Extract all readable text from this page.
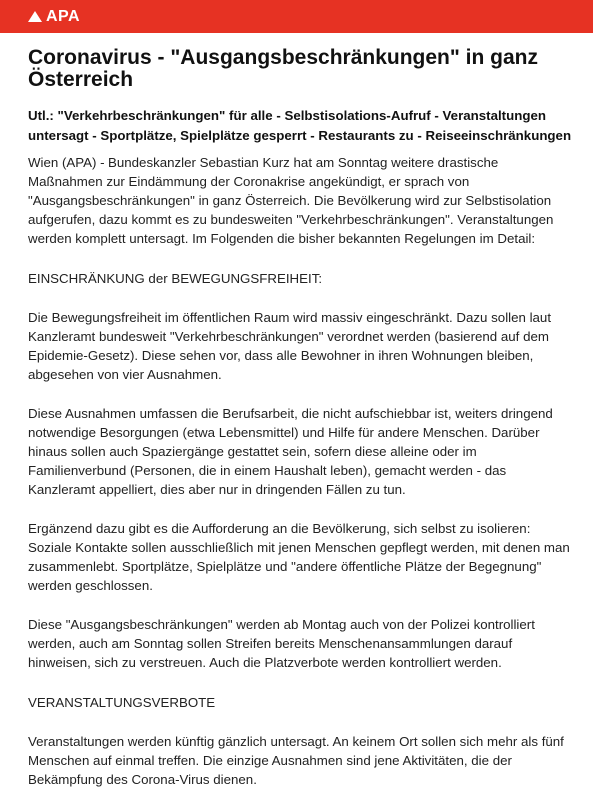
APA
Coronavirus - "Ausgangsbeschränkungen" in ganz Österreich

Utl.: "Verkehrbeschränkungen" für alle - Selbstisolations-Aufruf - Veranstaltungen untersagt - Sportplätze, Spielplätze gesperrt - Restaurants zu - Reiseeinschränkungen

Wien (APA) - Bundeskanzler Sebastian Kurz hat am Sonntag weitere drastische Maßnahmen zur Eindämmung der Coronakrise angekündigt, er sprach von "Ausgangsbeschränkungen" in ganz Österreich. Die Bevölkerung wird zur Selbstisolation aufgerufen, dazu kommt es zu bundesweiten "Verkehrbeschränkungen". Veranstaltungen werden komplett untersagt. Im Folgenden die bisher bekannten Regelungen im Detail:

EINSCHRÄNKUNG der BEWEGUNGSFREIHEIT:

Die Bewegungsfreiheit im öffentlichen Raum wird massiv eingeschränkt. Dazu sollen laut Kanzleramt bundesweit "Verkehrbeschränkungen" verordnet werden (basierend auf dem Epidemie-Gesetz). Diese sehen vor, dass alle Bewohner in ihren Wohnungen bleiben, abgesehen von vier Ausnahmen.

Diese Ausnahmen umfassen die Berufsarbeit, die nicht aufschiebbar ist, weiters dringend notwendige Besorgungen (etwa Lebensmittel) und Hilfe für andere Menschen. Darüber hinaus sollen auch Spaziergänge gestattet sein, sofern diese alleine oder im Familienverbund (Personen, die in einem Haushalt leben), gemacht werden - das Kanzleramt appelliert, dies aber nur in dringenden Fällen zu tun.

Ergänzend dazu gibt es die Aufforderung an die Bevölkerung, sich selbst zu isolieren: Soziale Kontakte sollen ausschließlich mit jenen Menschen gepflegt werden, mit denen man zusammenlebt. Sportplätze, Spielplätze und "andere öffentliche Plätze der Begegnung" werden geschlossen.

Diese "Ausgangsbeschränkungen" werden ab Montag auch von der Polizei kontrolliert werden, auch am Sonntag sollen Streifen bereits Menschenansammlungen darauf hinweisen, sich zu verstreuen. Auch die Platzverbote werden kontrolliert werden.

VERANSTALTUNGSVERBOTE

Veranstaltungen werden künftig gänzlich untersagt. An keinem Ort sollen sich mehr als fünf Menschen auf einmal treffen. Die einzige Ausnahmen sind jene Aktivitäten, die der Bekämpfung des Corona-Virus dienen.
